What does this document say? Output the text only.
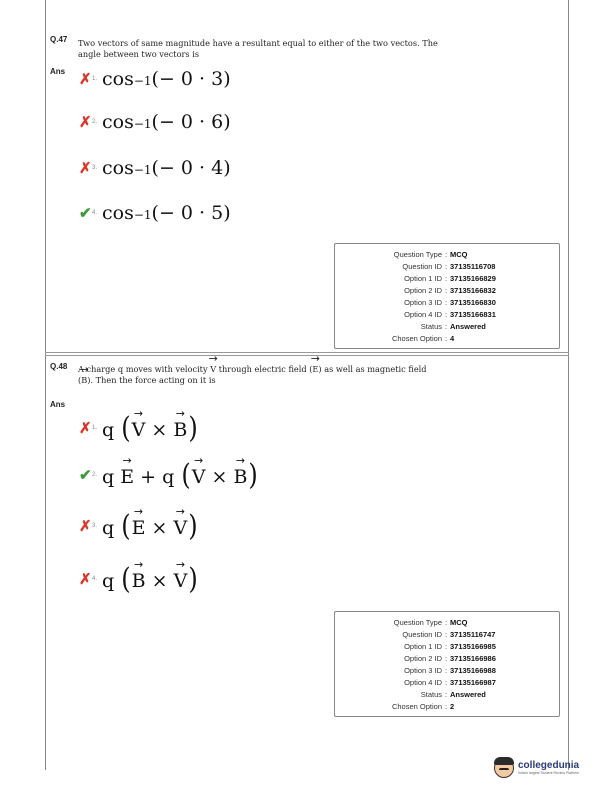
Q.47 Two vectors of same magnitude have a resultant equal to either of the two vectos. The
angle between two vectors is
Ans ✗ 1. cos −1 (− 0 · 3)
✗ 2. cos −1 (− 0 · 6)
✗ 3. cos −1 (− 0 · 4)
✔ 4. cos −1 (− 0 · 5)
Question Type : MCQ
Question ID : 37135116708
Option 1 ID : 37135166829
Option 2 ID : 37135166832
Option 3 ID : 37135166830
Option 4 ID : 37135166831
Status : Answered
Chosen Option : 4
Q.48 A charge q moves with velocity → V through electric field (→ E) as well as magnetic field
(→ B). Then the force acting on it is
Ans
✗ 1. q
( → V
×
→ B )
✔ 2. q
→ E
+
q
( → V
×
→ B )
✗ 3. q
( → E
×
→ V )
✗ 4. q
( → B
×
→ V )
Question Type : MCQ
Question ID : 37135116747
Option 1 ID : 37135166985
Option 2 ID : 37135166986
Option 3 ID : 37135166988
Option 4 ID : 37135166987
Status : Answered
Chosen Option : 2
collegedunia
India's largest Student Review Platform
